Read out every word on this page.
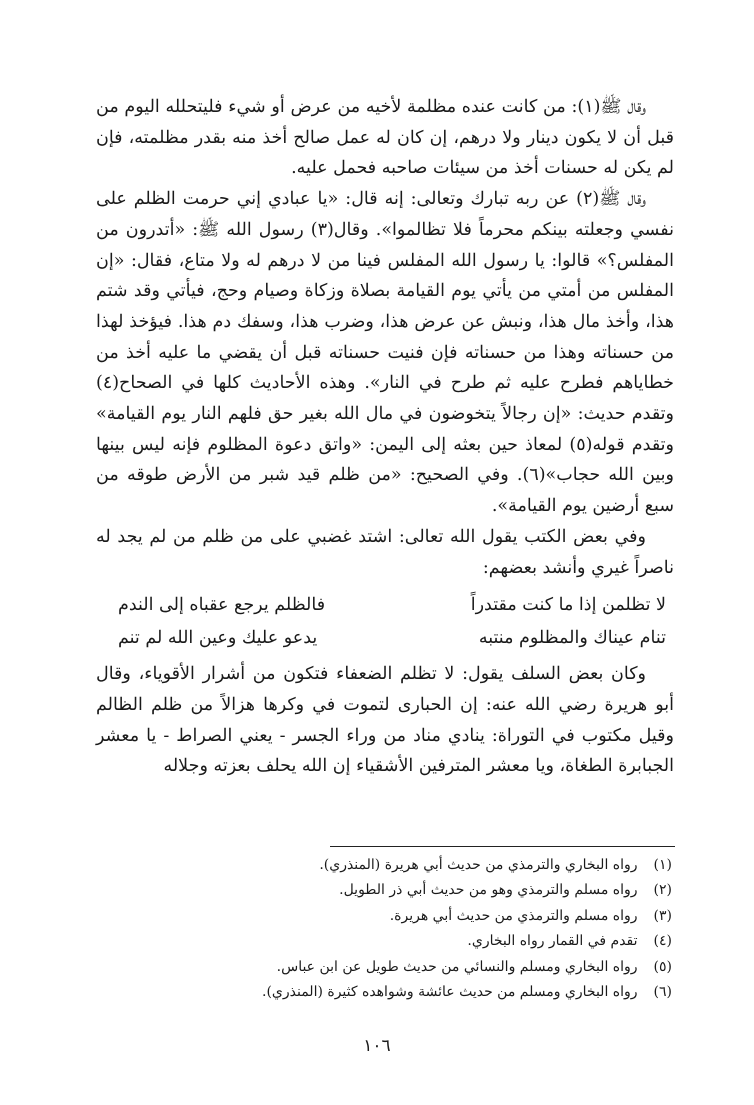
وقال ﷺ(١): من كانت عنده مظلمة لأخيه من عرض أو شيء فليتحلله اليوم من قبل أن لا يكون دينار ولا درهم، إن كان له عمل صالح أخذ منه بقدر مظلمته، فإن لم يكن له حسنات أخذ من سيئات صاحبه فحمل عليه.

وقال ﷺ(٢) عن ربه تبارك وتعالى: إنه قال: «يا عبادي إني حرمت الظلم على نفسي وجعلته بينكم محرماً فلا تظالموا». وقال(٣) رسول الله ﷺ: «أتدرون من المفلس؟» قالوا: يا رسول الله المفلس فينا من لا درهم له ولا متاع، فقال: «إن المفلس من أمتي من يأتي يوم القيامة بصلاة وزكاة وصيام وحج، فيأتي وقد شتم هذا، وأخذ مال هذا، ونبش عن عرض هذا، وضرب هذا، وسفك دم هذا. فيؤخذ لهذا من حسناته وهذا من حسناته فإن فنيت حسناته قبل أن يقضي ما عليه أخذ من خطاياهم فطرح عليه ثم طرح في النار». وهذه الأحاديث كلها في الصحاح(٤) وتقدم حديث: «إن رجالاً يتخوضون في مال الله بغير حق فلهم النار يوم القيامة» وتقدم قوله(٥) لمعاذ حين بعثه إلى اليمن: «واتق دعوة المظلوم فإنه ليس بينها وبين الله حجاب»(٦). وفي الصحيح: «من ظلم قيد شبر من الأرض طوقه من سبع أرضين يوم القيامة».

وفي بعض الكتب يقول الله تعالى: اشتد غضبي على من ظلم من لم يجد له ناصراً غيري وأنشد بعضهم:

لا تظلمن إذا ما كنت مقتدراً
فالظلم يرجع عقباه إلى الندم
تنام عيناك والمظلوم منتبه
يدعو عليك وعين الله لم تنم

وكان بعض السلف يقول: لا تظلم الضعفاء فتكون من أشرار الأقوياء، وقال أبو هريرة رضي الله عنه: إن الحبارى لتموت في وكرها هزالاً من ظلم الظالم وقيل مكتوب في التوراة: ينادي مناد من وراء الجسر - يعني الصراط - يا معشر الجبابرة الطغاة، ويا معشر المترفين الأشقياء إن الله يحلف بعزته وجلاله

(١) رواه البخاري والترمذي من حديث أبي هريرة (المنذري).
(٢) رواه مسلم والترمذي وهو من حديث أبي ذر الطويل.
(٣) رواه مسلم والترمذي من حديث أبي هريرة.
(٤) تقدم في القمار رواه البخاري.
(٥) رواه البخاري ومسلم والنسائي من حديث طويل عن ابن عباس.
(٦) رواه البخاري ومسلم من حديث عائشة وشواهده كثيرة (المنذري).
١٠٦
